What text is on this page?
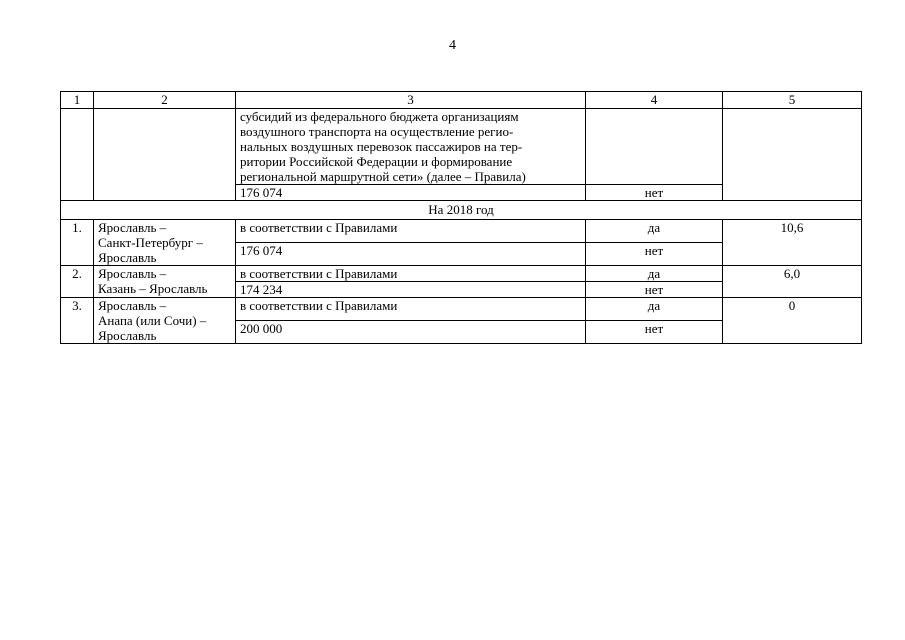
4
1	2	3	4	5

		субсидий из федерального бюджета организациям
воздушного транспорта на осуществление регио-
нальных воздушных перевозок пассажиров на тер-
ритории Российской Федерации и формирование
региональной маршрутной сети» (далее – Правила)		

		176 074	нет	
На 2018 год				
1.	Ярославль –
Санкт-Петербург –
Ярославль	в соответствии с Правилами	да	10,6
		176 074	нет	
2.	Ярославль –
Казань – Ярославль	в соответствии с Правилами	да	6,0
		174 234	нет	
3.	Ярославль –
Анапа (или Сочи) –
Ярославль	в соответствии с Правилами	да	0
		200 000	нет	
